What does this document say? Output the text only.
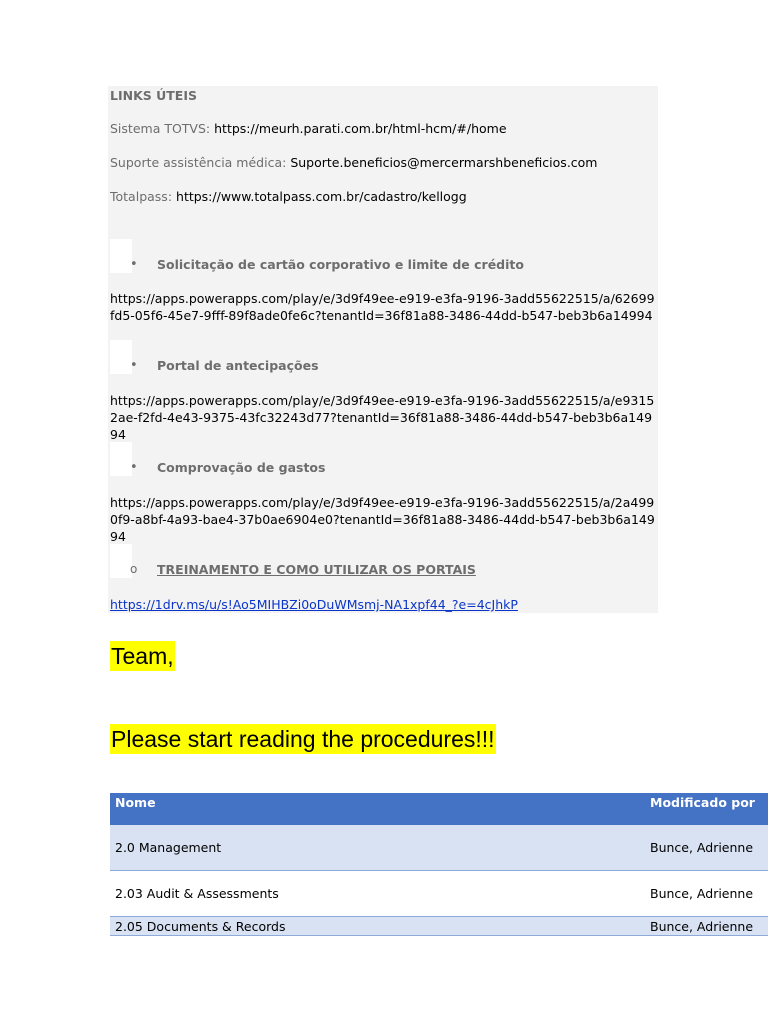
LINKS ÚTEIS
Sistema TOTVS: https://meurh.parati.com.br/html-hcm/#/home
Suporte assistência médica: Suporte.beneficios@mercermarshbeneficios.com
Totalpass: https://www.totalpass.com.br/cadastro/kellogg
• Solicitação de cartão corporativo e limite de crédito
https://apps.powerapps.com/play/e/3d9f49ee-e919-e3fa-9196-3add55622515/a/62699fd5-05f6-45e7-9fff-89f8ade0fe6c?tenantId=36f81a88-3486-44dd-b547-beb3b6a14994
• Portal de antecipações
https://apps.powerapps.com/play/e/3d9f49ee-e919-e3fa-9196-3add55622515/a/e93152ae-f2fd-4e43-9375-43fc32243d77?tenantId=36f81a88-3486-44dd-b547-beb3b6a14994
• Comprovação de gastos
https://apps.powerapps.com/play/e/3d9f49ee-e919-e3fa-9196-3add55622515/a/2a4990f9-a8bf-4a93-bae4-37b0ae6904e0?tenantId=36f81a88-3486-44dd-b547-beb3b6a14994
o TREINAMENTO E COMO UTILIZAR OS PORTAIS
https://1drv.ms/u/s!Ao5MIHBZi0oDuWMsmj-NA1xpf44_?e=4cJhkP
Team,
Please start reading the procedures!!!
Nome	Modificado por
2.0 Management	Bunce, Adrienne
2.03 Audit & Assessments	Bunce, Adrienne
2.05 Documents & Records	Bunce, Adrienne
